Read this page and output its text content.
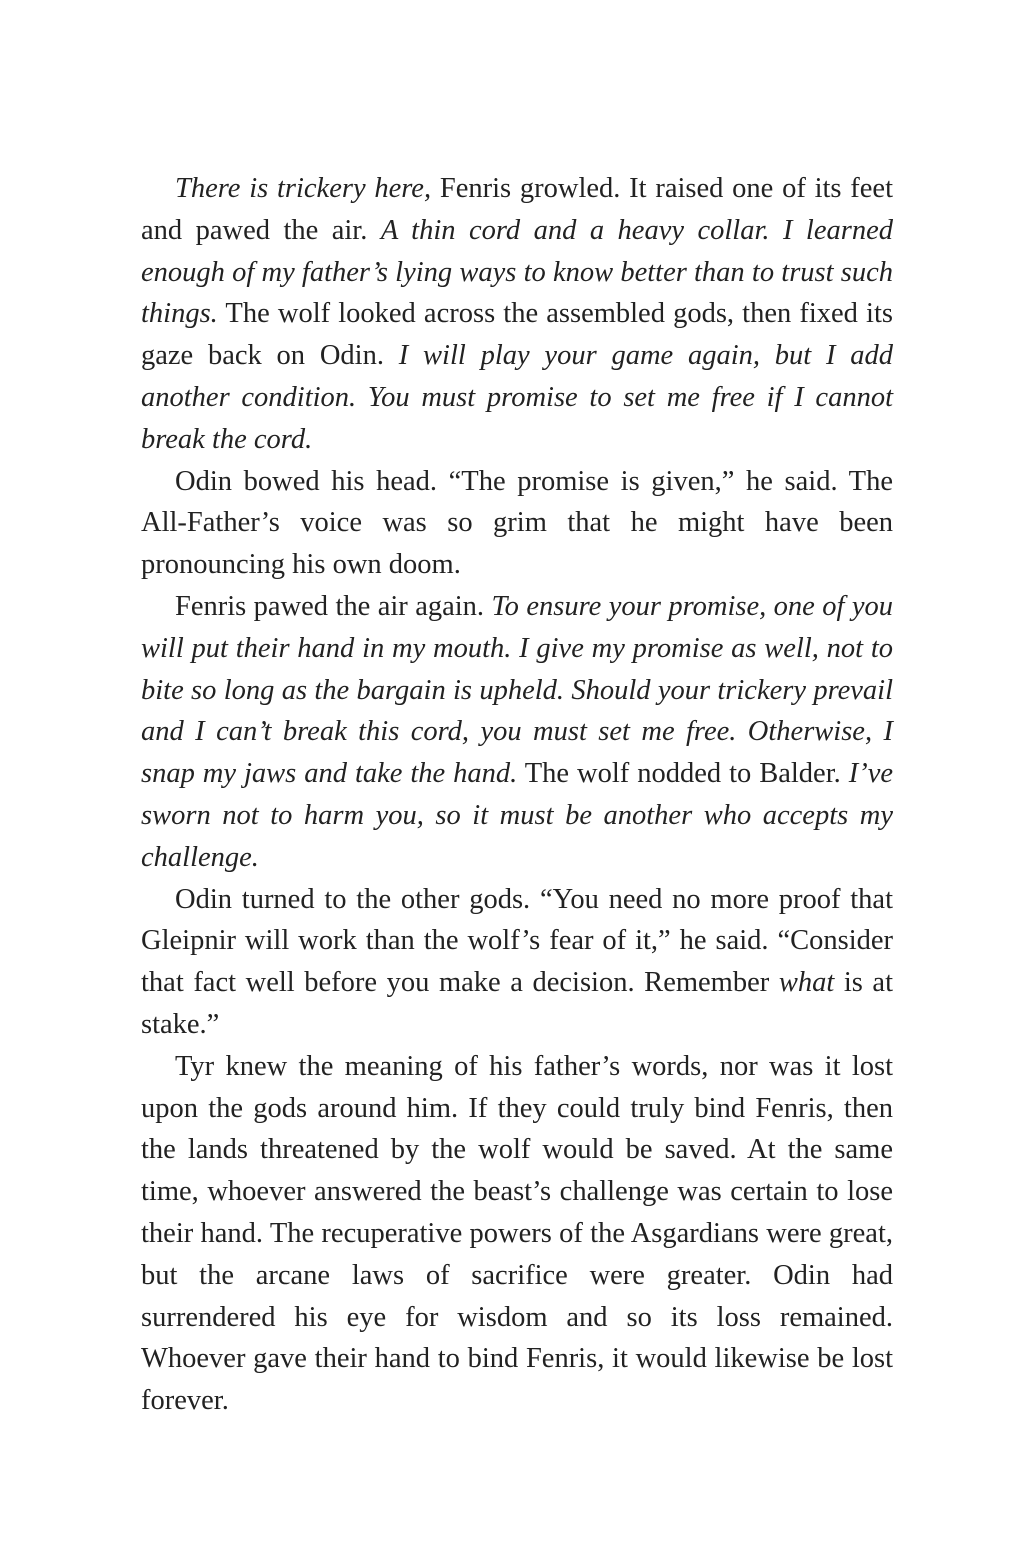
There is trickery here, Fenris growled. It raised one of its feet and pawed the air. A thin cord and a heavy collar. I learned enough of my father’s lying ways to know better than to trust such things. The wolf looked across the assembled gods, then fixed its gaze back on Odin. I will play your game again, but I add another condition. You must promise to set me free if I cannot break the cord.

Odin bowed his head. “The promise is given,” he said. The All-Father’s voice was so grim that he might have been pronouncing his own doom.

Fenris pawed the air again. To ensure your promise, one of you will put their hand in my mouth. I give my promise as well, not to bite so long as the bargain is upheld. Should your trickery prevail and I can’t break this cord, you must set me free. Otherwise, I snap my jaws and take the hand. The wolf nodded to Balder. I’ve sworn not to harm you, so it must be another who accepts my challenge.

Odin turned to the other gods. “You need no more proof that Gleipnir will work than the wolf’s fear of it,” he said. “Consider that fact well before you make a decision. Remember what is at stake.”

Tyr knew the meaning of his father’s words, nor was it lost upon the gods around him. If they could truly bind Fenris, then the lands threatened by the wolf would be saved. At the same time, whoever answered the beast’s challenge was certain to lose their hand. The recuperative powers of the Asgardians were great, but the arcane laws of sacrifice were greater. Odin had surrendered his eye for wisdom and so its loss remained. Whoever gave their hand to bind Fenris, it would likewise be lost forever.
